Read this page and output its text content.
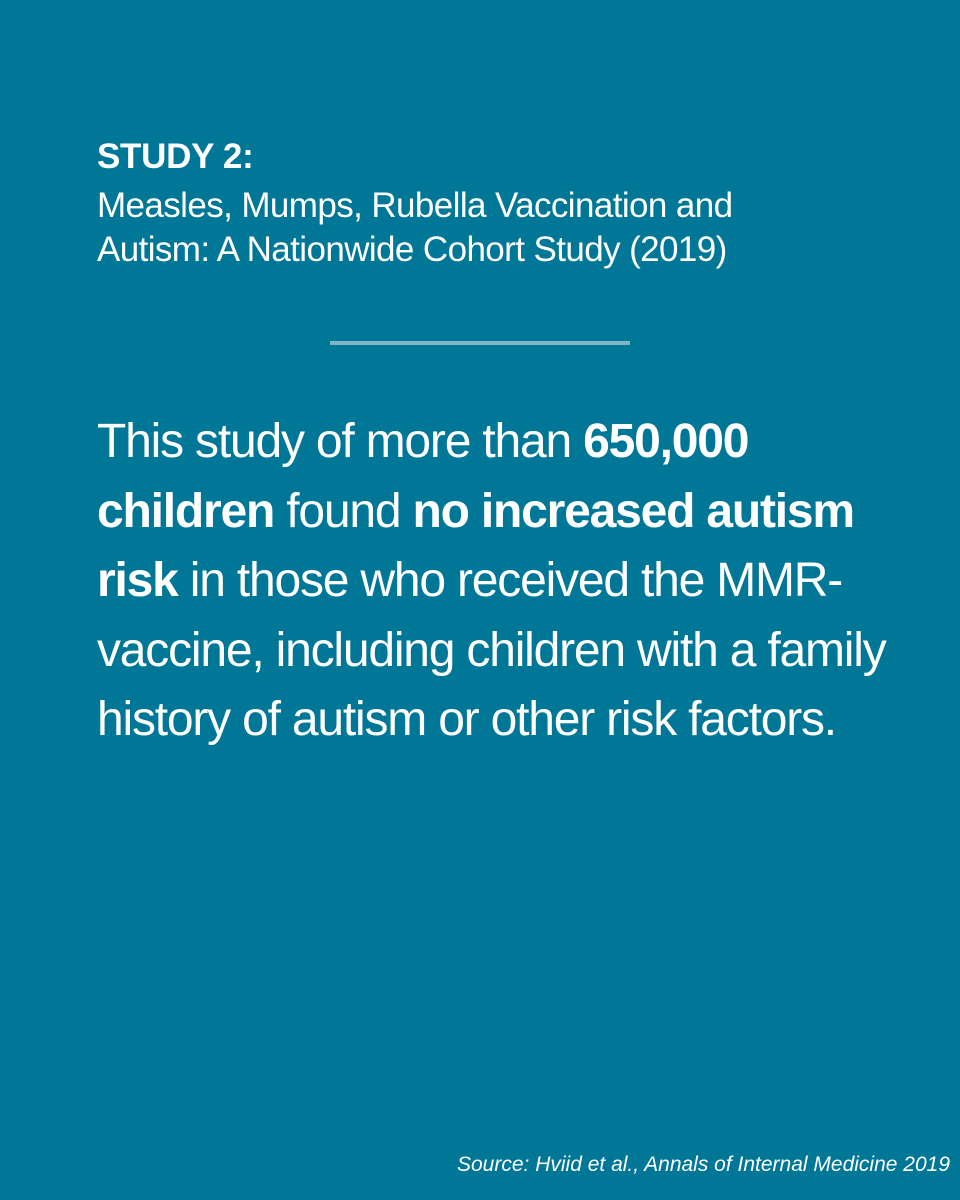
STUDY 2:
Measles, Mumps, Rubella Vaccination and
Autism: A Nationwide Cohort Study (2019)
This study of more than 650,000 children found no increased autism risk in those who received the MMR-vaccine, including children with a family history of autism or other risk factors.
Source: Hviid et al., Annals of Internal Medicine 2019
